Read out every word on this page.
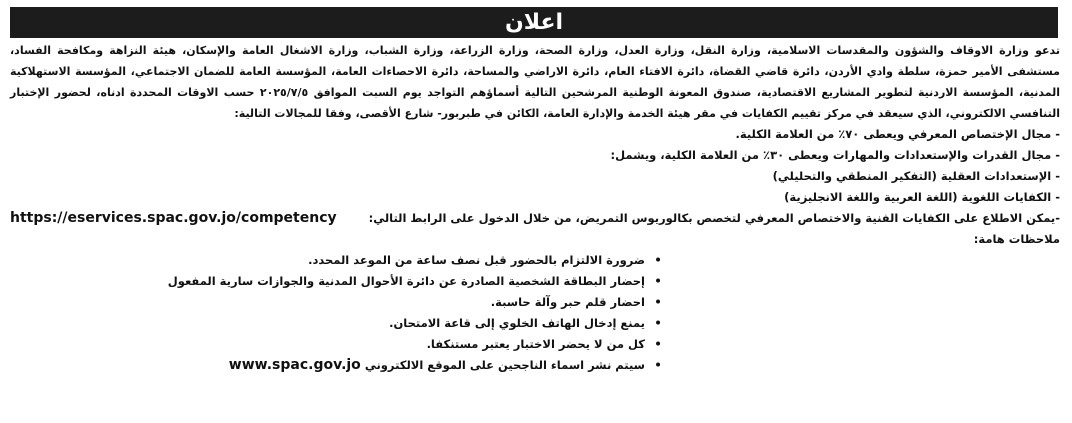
اعلان

تدعو وزارة الاوقاف والشؤون والمقدسات الاسلامية، وزارة النقل، وزارة العدل، وزارة الصحة، وزارة الزراعة، وزارة الشباب، وزارة الاشغال العامة والإسكان، هيئة النزاهة ومكافحة الفساد، مستشفى الأمير حمزة، سلطة وادي الأردن، دائرة قاضي القضاة، دائرة الافتاء العام، دائرة الاراضي والمساحة، دائرة الاحصاءات العامة، المؤسسة العامة للضمان الاجتماعي، المؤسسة الاستهلاكية المدنية، المؤسسة الاردنية لتطوير المشاريع الاقتصادية، صندوق المعونة الوطنية المرشحين التالية أسماؤهم التواجد يوم السبت الموافق ٢٠٢٥/٧/٥ حسب الاوقات المحددة ادناه، لحضور الإختبار التنافسي الالكتروني، الذي سيعقد في مركز تقييم الكفايات في مقر هيئة الخدمة والإدارة العامة، الكائن في طبربور- شارع الأقصى، وفقا للمجالات التالية:

-مجال الإختصاص المعرفي ويعطى ٧٠٪ من العلامة الكلية.
-مجال القدرات والإستعدادات والمهارات ويعطى ٣٠٪ من العلامة الكلية، ويشمل:
-الإستعدادات العقلية (التفكير المنطقي والتحليلي)
-الكفايات اللغوية (اللغة العربية واللغة الانجليزية)
-يمكن الاطلاع على الكفايات الفنية والاختصاص المعرفي لتخصص بكالوريوس التمريض، من خلال الدخول على الرابط التالي:
https://eservices.spac.gov.jo/competency

ملاحظات هامة:

•ضرورة الالتزام بالحضور قبل نصف ساعة من الموعد المحدد.
•إحضار البطاقة الشخصية الصادرة عن دائرة الأحوال المدنية والجوازات سارية المفعول
•احضار قلم حبر وآلة حاسبة.
•يمنع إدخال الهاتف الخلوي إلى قاعة الامتحان.
•كل من لا يحضر الاختبار يعتبر مستنكفا.
•سيتم نشر اسماء الناجحين على الموقع الالكترونيwww.spac.gov.jo
